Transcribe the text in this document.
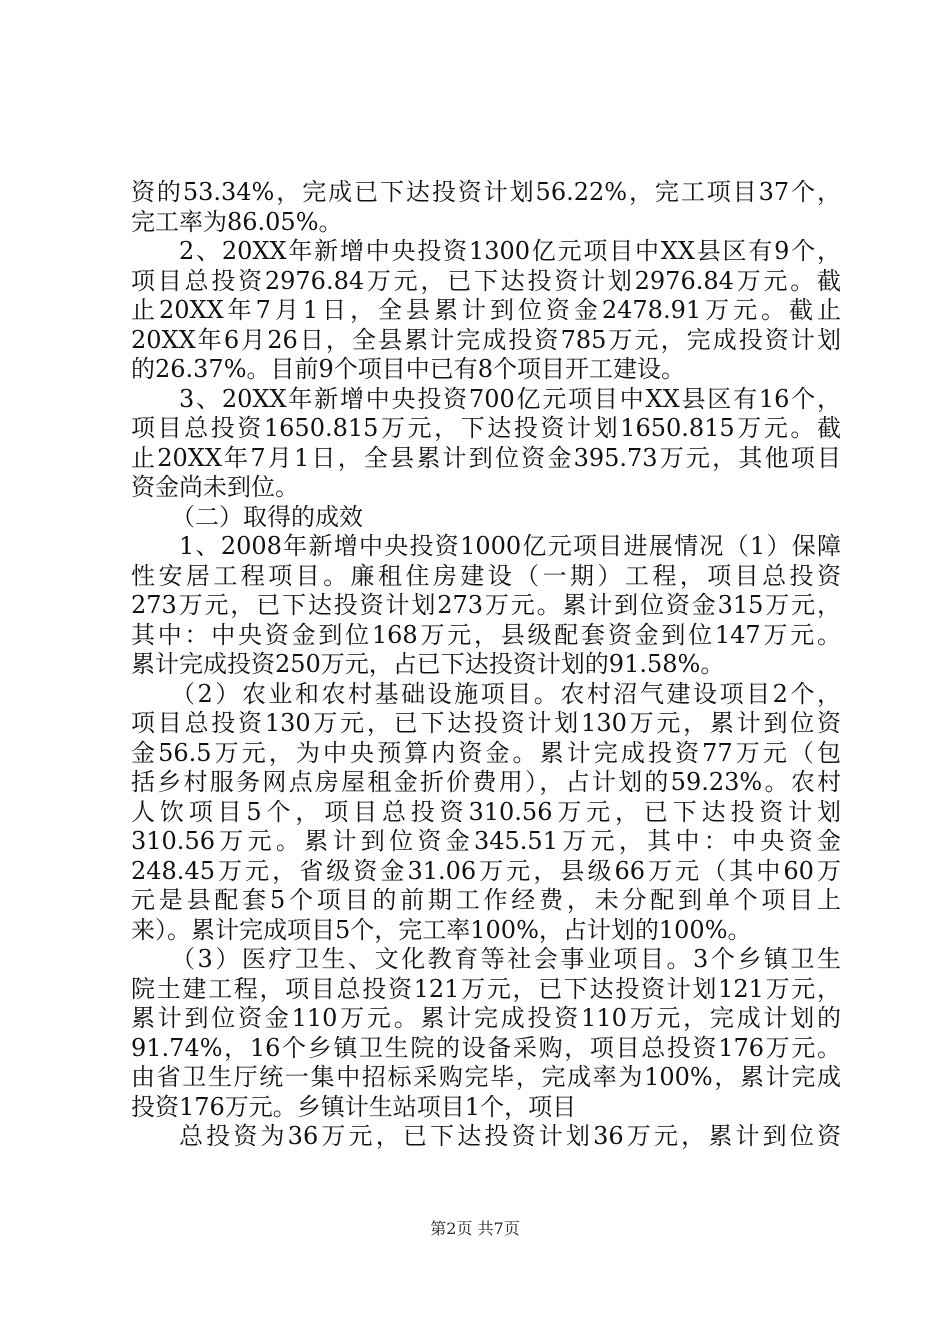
资的53.34%，完成已下达投资计划56.22%，完工项目37个，
完工率为86.05%。
2、20XX年新增中央投资1300亿元项目中XX县区有9个，
项目总投资2976.84万元，已下达投资计划2976.84万元。截
止20XX年7月1日，全县累计到位资金2478.91万元。截止
20XX年6月26日，全县累计完成投资785万元，完成投资计划
的26.37%。目前9个项目中已有8个项目开工建设。
3、20XX年新增中央投资700亿元项目中XX县区有16个，
项目总投资1650.815万元，下达投资计划1650.815万元。截
止20XX年7月1日，全县累计到位资金395.73万元，其他项目
资金尚未到位。
（二）取得的成效
1、2008年新增中央投资1000亿元项目进展情况（1）保障
性安居工程项目。廉租住房建设（一期）工程，项目总投资
273万元，已下达投资计划273万元。累计到位资金315万元，
其中：中央资金到位168万元，县级配套资金到位147万元。
累计完成投资250万元，占已下达投资计划的91.58%。
（2）农业和农村基础设施项目。农村沼气建设项目2个，
项目总投资130万元，已下达投资计划130万元，累计到位资
金56.5万元，为中央预算内资金。累计完成投资77万元（包
括乡村服务网点房屋租金折价费用），占计划的59.23%。农村
人饮项目5个，项目总投资310.56万元，已下达投资计划
310.56万元。累计到位资金345.51万元，其中：中央资金
248.45万元，省级资金31.06万元，县级66万元（其中60万
元是县配套5个项目的前期工作经费，未分配到单个项目上
来）。累计完成项目5个，完工率100%，占计划的100%。
（3）医疗卫生、文化教育等社会事业项目。3个乡镇卫生
院土建工程，项目总投资121万元，已下达投资计划121万元，
累计到位资金110万元。累计完成投资110万元，完成计划的
91.74%，16个乡镇卫生院的设备采购，项目总投资176万元。
由省卫生厅统一集中招标采购完毕，完成率为100%，累计完成
投资176万元。乡镇计生站项目1个，项目
总投资为36万元，已下达投资计划36万元，累计到位资
第2页 共7页
